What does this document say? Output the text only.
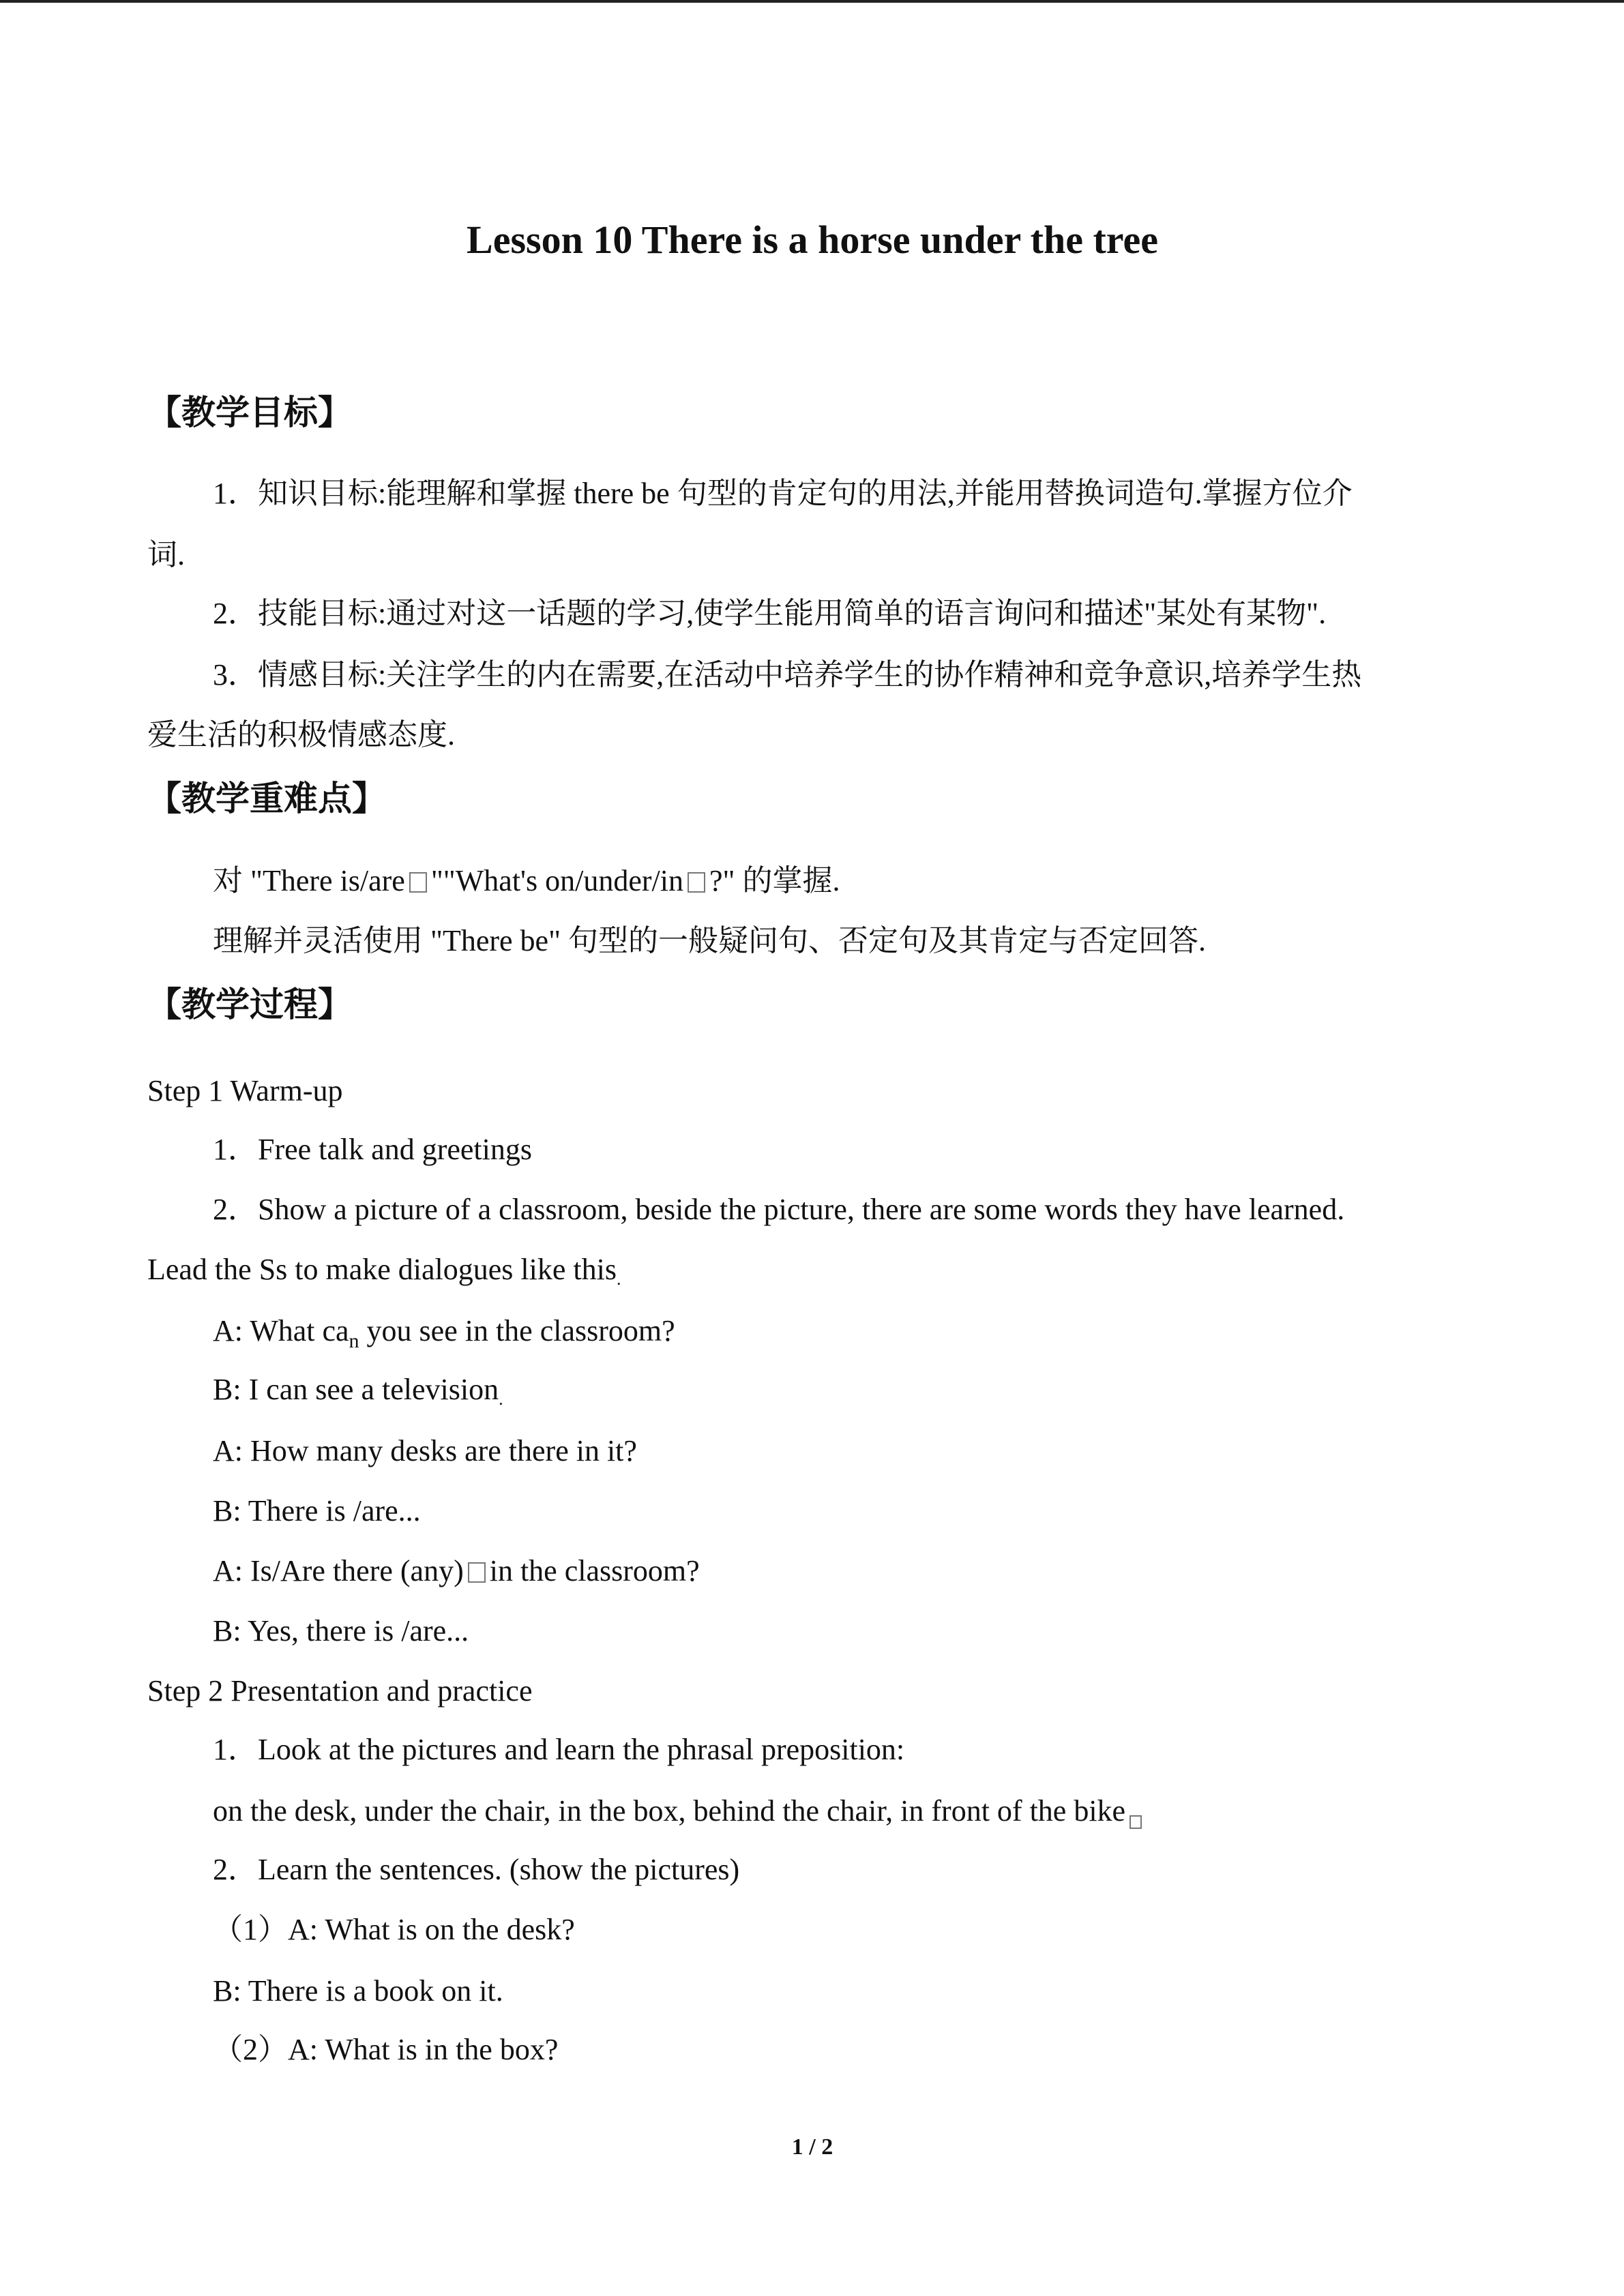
Lesson 10 There is a horse under the tree
【教学目标】
1．知识目标:能理解和掌握 there be 句型的肯定句的用法,并能用替换词造句.掌握方位介
词.
2．技能目标:通过对这一话题的学习,使学生能用简单的语言询问和描述"某处有某物".
3．情感目标:关注学生的内在需要,在活动中培养学生的协作精神和竞争意识,培养学生热
爱生活的积极情感态度.
【教学重难点】
对 "There is/are ""What's on/under/in ?" 的掌握.
理解并灵活使用 "There be" 句型的一般疑问句、否定句及其肯定与否定回答.
【教学过程】
Step 1 Warm-up
1．Free talk and greetings
2．Show a picture of a classroom, beside the picture, there are some words they have learned.
Lead the Ss to make dialogues like this.
A: What $ca_n$ you see in the classroom?
B: I can see a television.
A: How many desks are there in it?
B: There is /are...
A: Is/Are there (any) in the classroom?
B: Yes, there is /are...
Step 2 Presentation and practice
1．Look at the pictures and learn the phrasal preposition:
on the desk, under the chair, in the box, behind the chair, in front of the bike
2．Learn the sentences. (show the pictures)
（1）A: What is on the desk?
B: There is a book on it.
（2）A: What is in the box?
1 / 2
